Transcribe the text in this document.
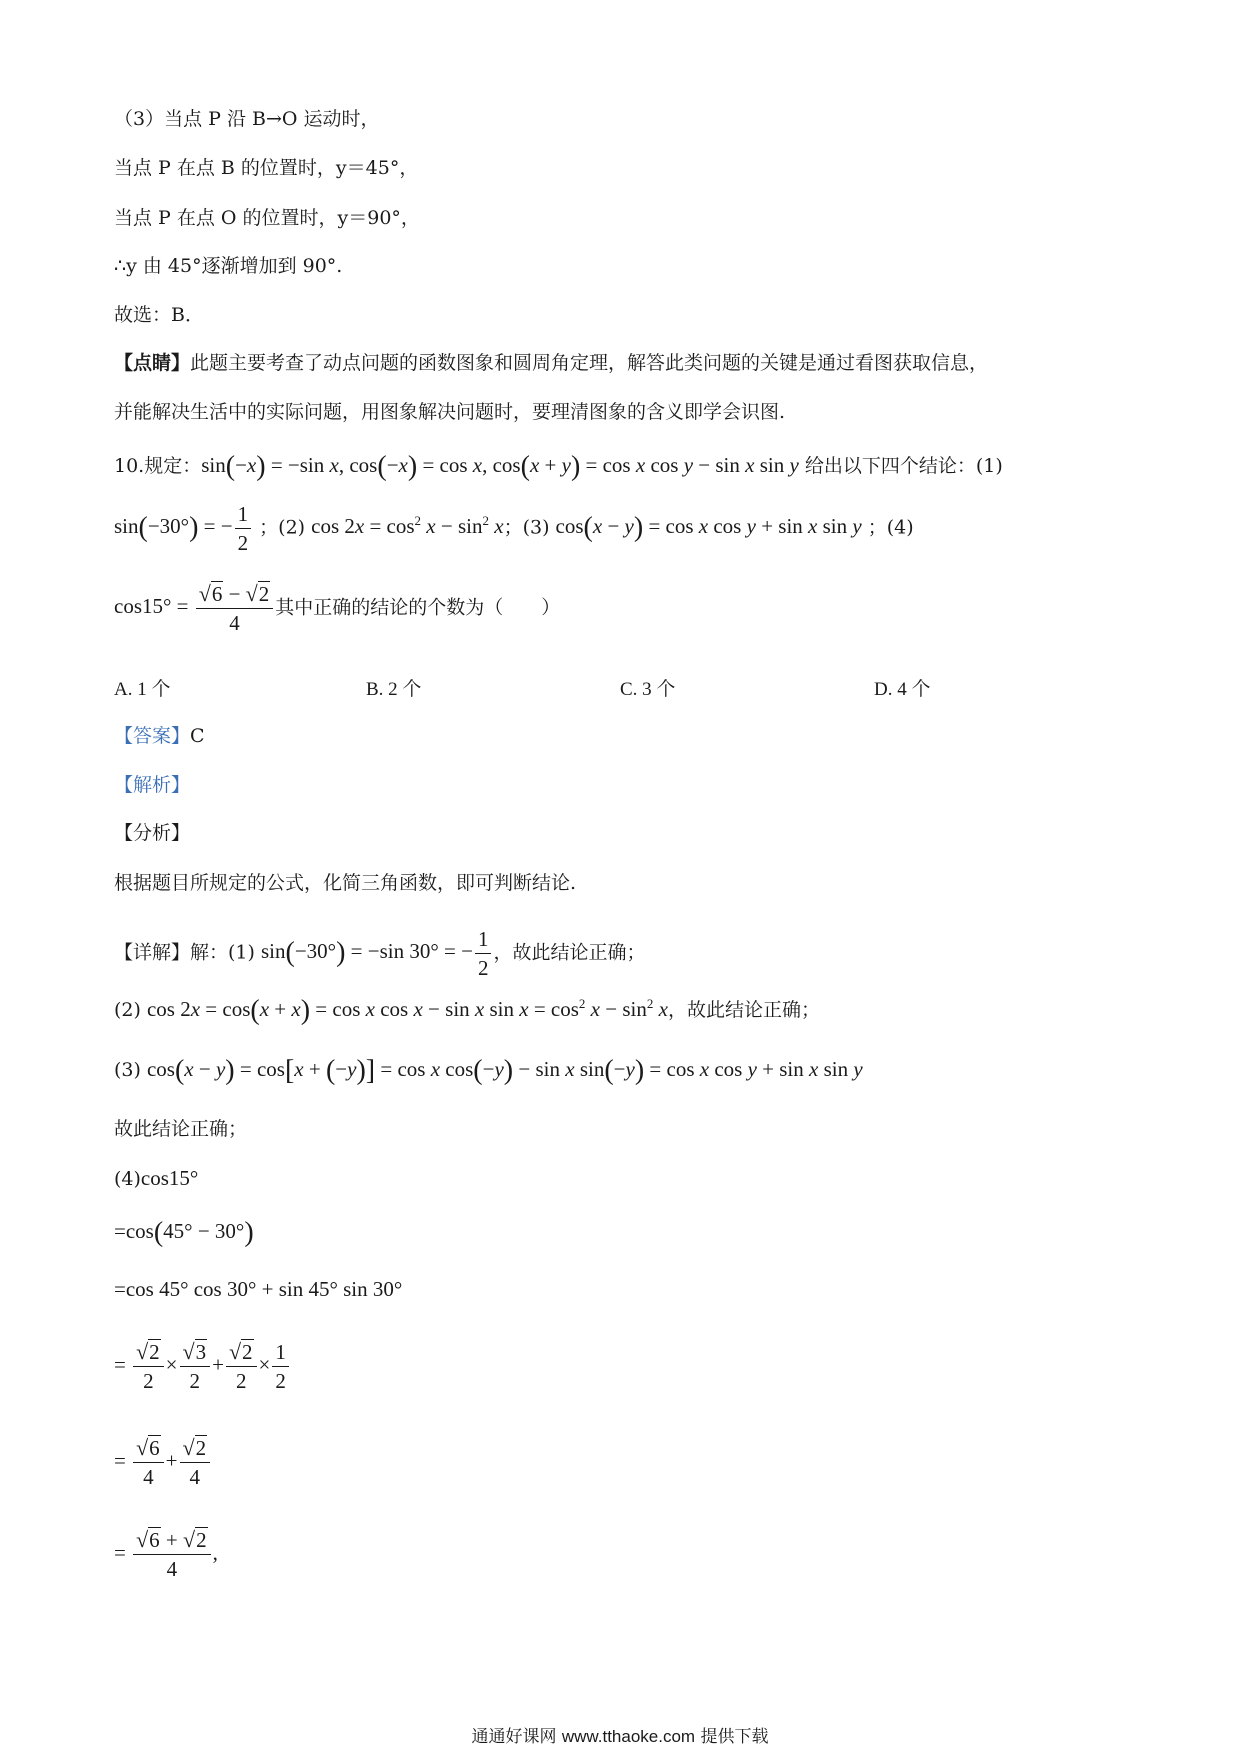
（3）当点 P 沿 B→O 运动时，
当点 P 在点 B 的位置时，y＝45°，
当点 P 在点 O 的位置时，y＝90°，
∴y 由 45°逐渐增加到 90°.
故选：B．
【点睛】此题主要考查了动点问题的函数图象和圆周角定理，解答此类问题的关键是通过看图获取信息，
并能解决生活中的实际问题，用图象解决问题时，要理清图象的含义即学会识图.
10.规定：sin(−x) = −sin x, cos(−x) = cos x, cos(x + y) = cos x cos y − sin x sin y 给出以下四个结论：(1)
sin(−30°) = − $\frac{1}{2}$ ；(2) $\cos 2x = \cos^2 x - \sin^2 x$；(3) cos(x − y) = cos x cos y + sin x sin y ；(4)
$\cos 15^\circ = \frac{√6 - √2}{4}$ 其中正确的结论的个数为（　　）
A. 1 个	B. 2 个	C. 3 个	D. 4 个
【答案】C
【解析】
【分析】
根据题目所规定的公式，化简三角函数，即可判断结论.
【详解】解：(1) sin(−30°) = −sin 30° = − $\frac{1}{2}$ ，故此结论正确；
(2) cos 2x = cos(x + x) = cos x cos x − sin x $\sin x = \cos^2 x - \sin^2 x$，故此结论正确；
(3) cos(x − y) = cos[x + (−y)] = cos x cos(−y) − sin x sin(−y) = cos x cos y + sin x sin y
故此结论正确；
(4)cos15°
=cos(45° − 30°)
=cos 45° cos 30° + sin 45° sin 30°
= $\frac{√2}{2} \times \frac{√3}{2} + \frac{√2}{2} \times \frac{1}{2}$
= $\frac{√6}{4} + \frac{√2}{4}$
= $\frac{√6 + √2}{4}$ ,
通通好课网 www.tthaoke.com 提供下载
